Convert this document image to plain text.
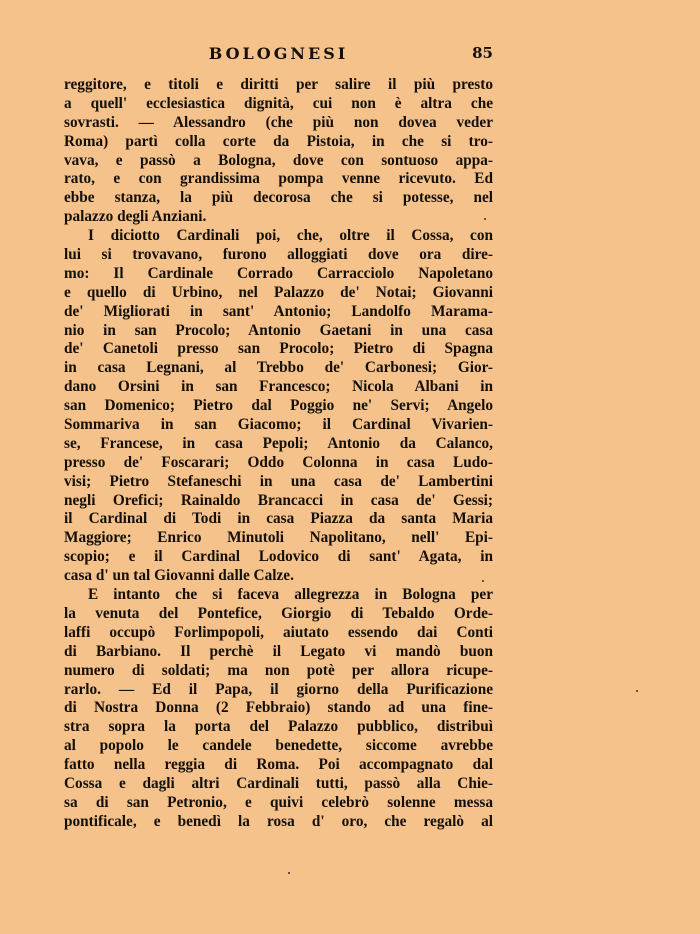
BOLOGNESI	85
reggitore, e titoli e diritti per salire il più presto
a quell' ecclesiastica dignità, cui non è altra che
sovrasti. — Alessandro (che più non dovea veder
Roma) partì colla corte da Pistoia, in che si tro-
vava, e passò a Bologna, dove con sontuoso appa-
rato, e con grandissima pompa venne ricevuto. Ed
ebbe stanza, la più decorosa che si potesse, nel
palazzo degli Anziani.
I diciotto Cardinali poi, che, oltre il Cossa, con
lui si trovavano, furono alloggiati dove ora dire-
mo: Il Cardinale Corrado Carracciolo Napoletano
e quello di Urbino, nel Palazzo de' Notai; Giovanni
de' Migliorati in sant' Antonio; Landolfo Marama-
nio in san Procolo; Antonio Gaetani in una casa
de' Canetoli presso san Procolo; Pietro di Spagna
in casa Legnani, al Trebbo de' Carbonesi; Gior-
dano Orsini in san Francesco; Nicola Albani in
san Domenico; Pietro dal Poggio ne' Servi; Angelo
Sommariva in san Giacomo; il Cardinal Vivarien-
se, Francese, in casa Pepoli; Antonio da Calanco,
presso de' Foscarari; Oddo Colonna in casa Ludo-
visi; Pietro Stefaneschi in una casa de' Lambertini
negli Orefici; Rainaldo Brancacci in casa de' Gessi;
il Cardinal di Todi in casa Piazza da santa Maria
Maggiore; Enrico Minutoli Napolitano, nell' Epi-
scopio; e il Cardinal Lodovico di sant' Agata, in
casa d' un tal Giovanni dalle Calze.
E intanto che si faceva allegrezza in Bologna per
la venuta del Pontefice, Giorgio di Tebaldo Orde-
laffi occupò Forlimpopoli, aiutato essendo dai Conti
di Barbiano. Il perchè il Legato vi mandò buon
numero di soldati; ma non potè per allora ricupe-
rarlo. — Ed il Papa, il giorno della Purificazione
di Nostra Donna (2 Febbraio) stando ad una fine-
stra sopra la porta del Palazzo pubblico, distribuì
al popolo le candele benedette, siccome avrebbe
fatto nella reggia di Roma. Poi accompagnato dal
Cossa e dagli altri Cardinali tutti, passò alla Chie-
sa di san Petronio, e quivi celebrò solenne messa
pontificale, e benedì la rosa d' oro, che regalò al
